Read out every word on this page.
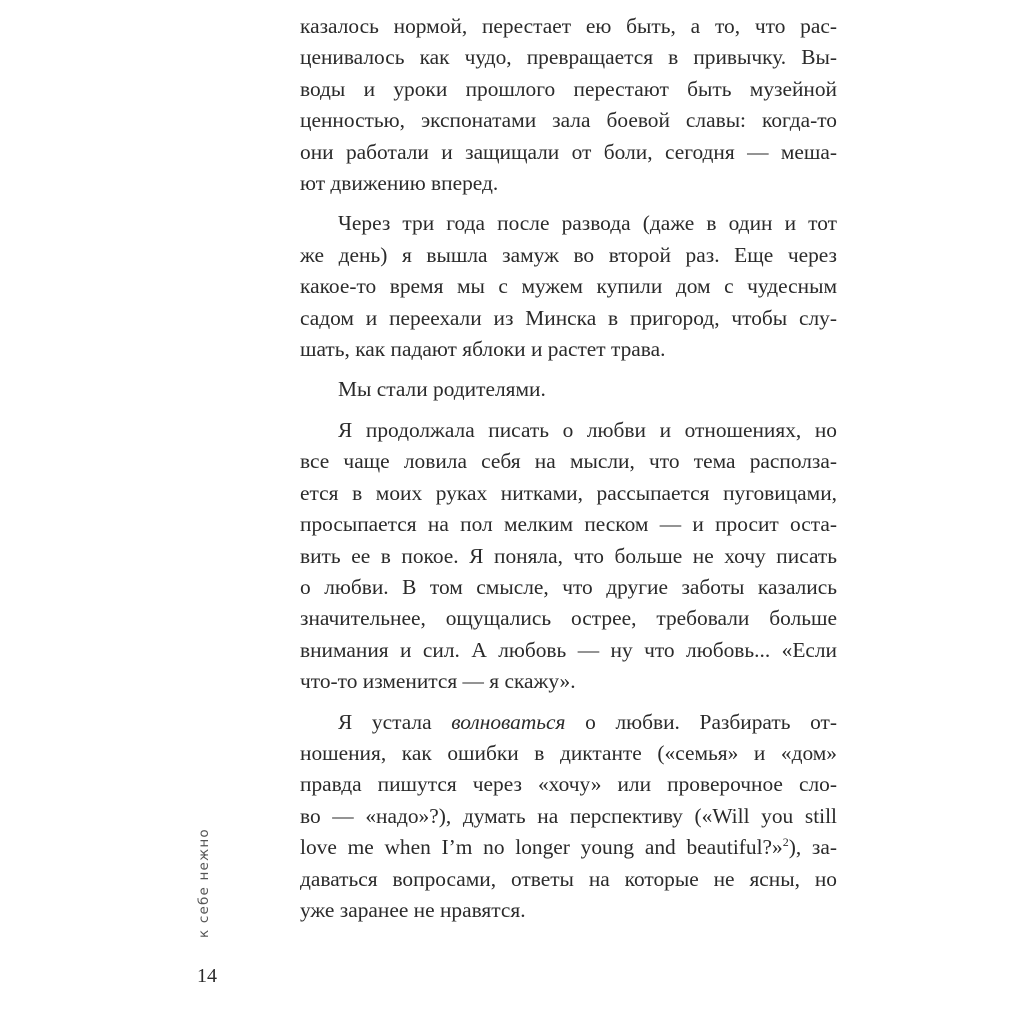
казалось нормой, перестает ею быть, а то, что рас-
ценивалось как чудо, превращается в привычку. Вы-
воды и уроки прошлого перестают быть музейной
ценностью, экспонатами зала боевой славы: когда-то
они работали и защищали от боли, сегодня — меша-
ют движению вперед.

Через три года после развода (даже в один и тот
же день) я вышла замуж во второй раз. Еще через
какое-то время мы с мужем купили дом с чудесным
садом и переехали из Минска в пригород, чтобы слу-
шать, как падают яблоки и растет трава.

Мы стали родителями.

Я продолжала писать о любви и отношениях, но
все чаще ловила себя на мысли, что тема располза-
ется в моих руках нитками, рассыпается пуговицами,
просыпается на пол мелким песком — и просит оста-
вить ее в покое. Я поняла, что больше не хочу писать
о любви. В том смысле, что другие заботы казались
значительнее, ощущались острее, требовали больше
внимания и сил. А любовь — ну что любовь... «Если
что-то изменится — я скажу».

Я устала волноваться о любви. Разбирать от-
ношения, как ошибки в диктанте («семья» и «дом»
правда пишутся через «хочу» или проверочное сло-
во — «надо»?), думать на перспективу («Will you still
love me when I’m no longer young and beautiful?»$^2$), за-
даваться вопросами, ответы на которые не ясны, но
уже заранее не нравятся.

к себе нежно
14
